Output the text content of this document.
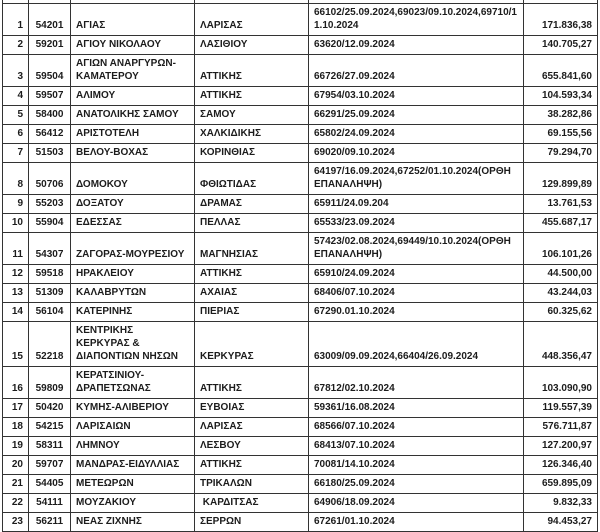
1	54201	ΑΓΙΑΣ	ΛΑΡΙΣΑΣ	66102/25.09.2024,69023/09.10.2024,69710/11.10.2024	171.836,38
2	59201	ΑΓΙΟΥ ΝΙΚΟΛΑΟΥ	ΛΑΣΙΘΙΟΥ	63620/12.09.2024	140.705,27
3	59504	ΑΓΙΩΝ ΑΝΑΡΓΥΡΩΝ-ΚΑΜΑΤΕΡΟΥ	ΑΤΤΙΚΗΣ	66726/27.09.2024	655.841,60
4	59507	ΑΛΙΜΟΥ	ΑΤΤΙΚΗΣ	67954/03.10.2024	104.593,34
5	58400	ΑΝΑΤΟΛΙΚΗΣ ΣΑΜΟΥ	ΣΑΜΟΥ	66291/25.09.2024	38.282,86
6	56412	ΑΡΙΣΤΟΤΕΛΗ	ΧΑΛΚΙΔΙΚΗΣ	65802/24.09.2024	69.155,56
7	51503	ΒΕΛΟΥ-ΒΟΧΑΣ	ΚΟΡΙΝΘΙΑΣ	69020/09.10.2024	79.294,70
8	50706	ΔΟΜΟΚΟΥ	ΦΘΙΩΤΙΔΑΣ	64197/16.09.2024,67252/01.10.2024(ΟΡΘΗ ΕΠΑΝΑΛΗΨΗ)	129.899,89
9	55203	ΔΟΞΑΤΟΥ	ΔΡΑΜΑΣ	65911/24.09.204	13.761,53
10	55904	ΕΔΕΣΣΑΣ	ΠΕΛΛΑΣ	65533/23.09.2024	455.687,17
11	54307	ΖΑΓΟΡΑΣ-ΜΟΥΡΕΣΙΟΥ	ΜΑΓΝΗΣΙΑΣ	57423/02.08.2024,69449/10.10.2024(ΟΡΘΗ ΕΠΑΝΑΛΗΨΗ)	106.101,26
12	59518	ΗΡΑΚΛΕΙΟΥ	ΑΤΤΙΚΗΣ	65910/24.09.2024	44.500,00
13	51309	ΚΑΛΑΒΡΥΤΩΝ	ΑΧΑΙΑΣ	68406/07.10.2024	43.244,03
14	56104	ΚΑΤΕΡΙΝΗΣ	ΠΙΕΡΙΑΣ	67290.01.10.2024	60.325,62
15	52218	ΚΕΝΤΡΙΚΗΣ ΚΕΡΚΥΡΑΣ & ΔΙΑΠΟΝΤΙΩΝ ΝΗΣΩΝ	ΚΕΡΚΥΡΑΣ	63009/09.09.2024,66404/26.09.2024	448.356,47
16	59809	ΚΕΡΑΤΣΙΝΙΟΥ-ΔΡΑΠΕΤΣΩΝΑΣ	ΑΤΤΙΚΗΣ	67812/02.10.2024	103.090,90
17	50420	ΚΥΜΗΣ-ΑΛΙΒΕΡΙΟΥ	ΕΥΒΟΙΑΣ	59361/16.08.2024	119.557,39
18	54215	ΛΑΡΙΣΑΙΩΝ	ΛΑΡΙΣΑΣ	68566/07.10.2024	576.711,87
19	58311	ΛΗΜΝΟΥ	ΛΕΣΒΟΥ	68413/07.10.2024	127.200,97
20	59707	ΜΑΝΔΡΑΣ-ΕΙΔΥΛΛΙΑΣ	ΑΤΤΙΚΗΣ	70081/14.10.2024	126.346,40
21	54405	ΜΕΤΕΩΡΩΝ	ΤΡΙΚΑΛΩΝ	66180/25.09.2024	659.895,09
22	54111	ΜΟΥΖΑΚΙΟΥ	ΚΑΡΔΙΤΣΑΣ	64906/18.09.2024	9.832,33
23	56211	ΝΕΑΣ ΖΙΧΝΗΣ	ΣΕΡΡΩΝ	67261/01.10.2024	94.453,27
